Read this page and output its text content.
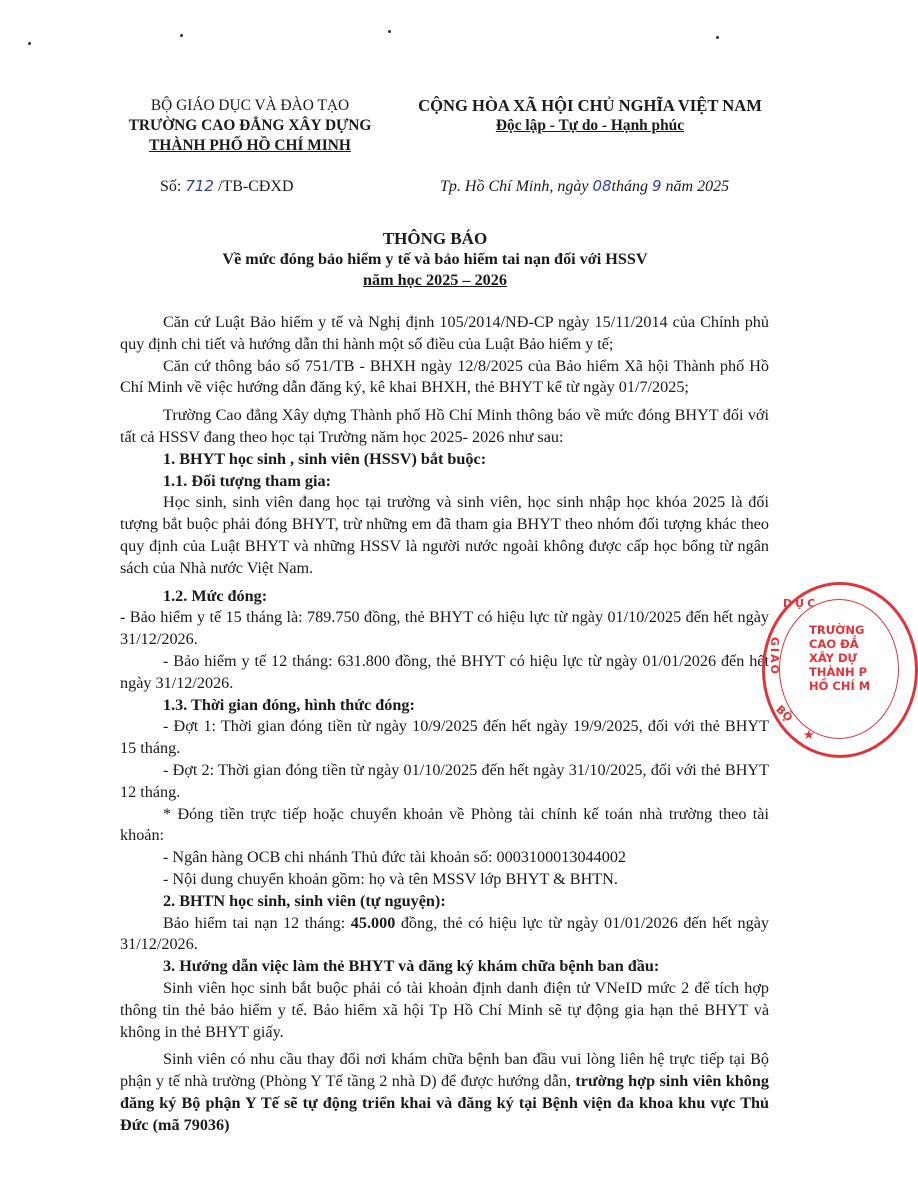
BỘ GIÁO DỤC VÀ ĐÀO TẠO
TRƯỜNG CAO ĐẲNG XÂY DỰNG
THÀNH PHỐ HỒ CHÍ MINH
CỘNG HÒA XÃ HỘI CHỦ NGHĨA VIỆT NAM
Độc lập - Tự do - Hạnh phúc
Số: 712 /TB-CĐXD	Tp. Hồ Chí Minh, ngày 08tháng 9 năm 2025
THÔNG BÁO
Về mức đóng bảo hiểm y tế và bảo hiểm tai nạn đối với HSSV
năm học 2025 – 2026

Căn cứ Luật Bảo hiểm y tế và Nghị định 105/2014/NĐ-CP ngày 15/11/2014 của Chính phủ quy định chi tiết và hướng dẫn thi hành một số điều của Luật Bảo hiểm y tế;

Căn cứ thông báo số 751/TB - BHXH ngày 12/8/2025 của Bảo hiểm Xã hội Thành phố Hồ Chí Minh về việc hướng dẫn đăng ký, kê khai BHXH, thẻ BHYT kể từ ngày 01/7/2025;

Trường Cao đẳng Xây dựng Thành phố Hồ Chí Minh thông báo về mức đóng BHYT đối với tất cả HSSV đang theo học tại Trường năm học 2025- 2026 như sau:

1. BHYT học sinh , sinh viên (HSSV) bắt buộc:

1.1. Đối tượng tham gia:

Học sinh, sinh viên đang học tại trường và sinh viên, học sinh nhập học khóa 2025 là đối tượng bắt buộc phải đóng BHYT, trừ những em đã tham gia BHYT theo nhóm đối tượng khác theo quy định của Luật BHYT và những HSSV là người nước ngoài không được cấp học bổng từ ngân sách của Nhà nước Việt Nam.

1.2. Mức đóng:

- Bảo hiểm y tế 15 tháng là: 789.750 đồng, thẻ BHYT có hiệu lực từ ngày 01/10/2025 đến hết ngày 31/12/2026.

- Bảo hiểm y tế 12 tháng: 631.800 đồng, thẻ BHYT có hiệu lực từ ngày 01/01/2026 đến hết ngày 31/12/2026.

1.3. Thời gian đóng, hình thức đóng:

- Đợt 1: Thời gian đóng tiền từ ngày 10/9/2025 đến hết ngày 19/9/2025, đối với thẻ BHYT 15 tháng.

- Đợt 2: Thời gian đóng tiền từ ngày 01/10/2025 đến hết ngày 31/10/2025, đối với thẻ BHYT 12 tháng.

* Đóng tiền trực tiếp hoặc chuyển khoản về Phòng tài chính kế toán nhà trường theo tài khoản:

- Ngân hàng OCB chi nhánh Thủ đức tài khoản số: 0003100013044002

- Nội dung chuyển khoản gồm: họ và tên MSSV lớp BHYT & BHTN.

2. BHTN học sinh, sinh viên (tự nguyện):

Bảo hiểm tai nạn 12 tháng: 45.000 đồng, thẻ có hiệu lực từ ngày 01/01/2026 đến hết ngày 31/12/2026.

3. Hướng dẫn việc làm thẻ BHYT và đăng ký khám chữa bệnh ban đầu:

Sinh viên học sinh bắt buộc phải có tài khoản định danh điện tử VNeID mức 2 để tích hợp thông tin thẻ bảo hiểm y tế. Bảo hiểm xã hội Tp Hồ Chí Minh sẽ tự động gia hạn thẻ BHYT và không in thẻ BHYT giấy.

Sinh viên có nhu cầu thay đổi nơi khám chữa bệnh ban đầu vui lòng liên hệ trực tiếp tại Bộ phận y tế nhà trường (Phòng Y Tế tầng 2 nhà D) để được hướng dẫn, trường hợp sinh viên không đăng ký Bộ phận Y Tế sẽ tự động triển khai và đăng ký tại Bệnh viện đa khoa khu vực Thủ Đức (mã 79036)

DỤC
GIAO
TRƯỜNG
CAO ĐẲ
XÂY DỰ
THÀNH P
HỒ CHÍ M
BỘ
★
